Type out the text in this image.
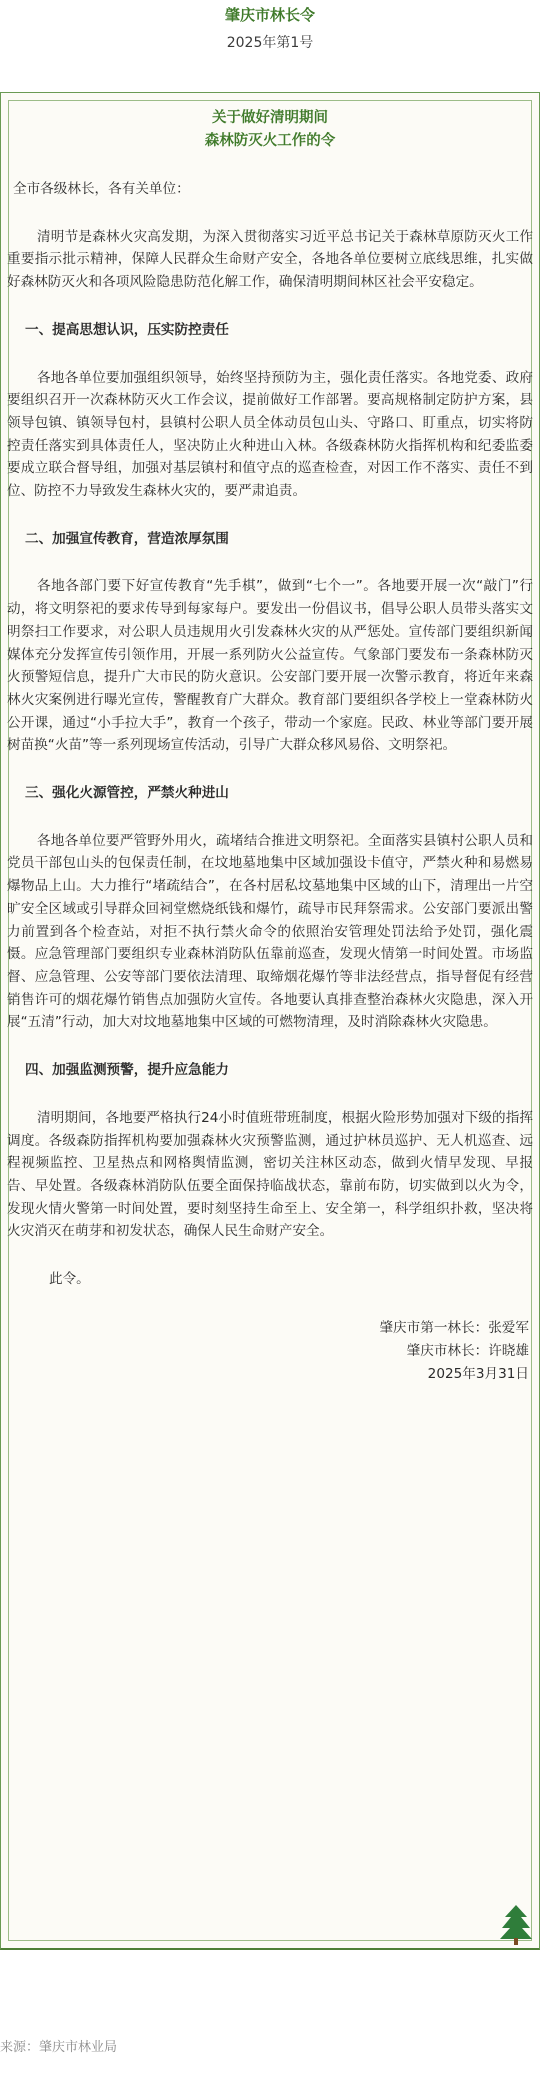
肇庆市林长令
2025年第1号
关于做好清明期间
森林防灭火工作的令
全市各级林长，各有关单位：

清明节是森林火灾高发期，为深入贯彻落实习近平总书记关于森林草原防灭火工作重要指示批示精神，保障人民群众生命财产安全，各地各单位要树立底线思维，扎实做好森林防灭火和各项风险隐患防范化解工作，确保清明期间林区社会平安稳定。

一、提高思想认识，压实防控责任

各地各单位要加强组织领导，始终坚持预防为主，强化责任落实。各地党委、政府要组织召开一次森林防灭火工作会议，提前做好工作部署。要高规格制定防护方案，县领导包镇、镇领导包村，县镇村公职人员全体动员包山头、守路口、盯重点，切实将防控责任落实到具体责任人，坚决防止火种进山入林。各级森林防火指挥机构和纪委监委要成立联合督导组，加强对基层镇村和值守点的巡查检查，对因工作不落实、责任不到位、防控不力导致发生森林火灾的，要严肃追责。

二、加强宣传教育，营造浓厚氛围

各地各部门要下好宣传教育“先手棋”，做到“七个一”。各地要开展一次“敲门”行动，将文明祭祀的要求传导到每家每户。要发出一份倡议书，倡导公职人员带头落实文明祭扫工作要求，对公职人员违规用火引发森林火灾的从严惩处。宣传部门要组织新闻媒体充分发挥宣传引领作用，开展一系列防火公益宣传。气象部门要发布一条森林防灭火预警短信息，提升广大市民的防火意识。公安部门要开展一次警示教育，将近年来森林火灾案例进行曝光宣传，警醒教育广大群众。教育部门要组织各学校上一堂森林防火公开课，通过“小手拉大手”，教育一个孩子，带动一个家庭。民政、林业等部门要开展树苗换“火苗”等一系列现场宣传活动，引导广大群众移风易俗、文明祭祀。

三、强化火源管控，严禁火种进山

各地各单位要严管野外用火，疏堵结合推进文明祭祀。全面落实县镇村公职人员和党员干部包山头的包保责任制，在坟地墓地集中区域加强设卡值守，严禁火种和易燃易爆物品上山。大力推行“堵疏结合”，在各村居私坟墓地集中区域的山下，清理出一片空旷安全区域或引导群众回祠堂燃烧纸钱和爆竹，疏导市民拜祭需求。公安部门要派出警力前置到各个检查站，对拒不执行禁火命令的依照治安管理处罚法给予处罚，强化震慑。应急管理部门要组织专业森林消防队伍靠前巡查，发现火情第一时间处置。市场监督、应急管理、公安等部门要依法清理、取缔烟花爆竹等非法经营点，指导督促有经营销售许可的烟花爆竹销售点加强防火宣传。各地要认真排查整治森林火灾隐患，深入开展“五清”行动，加大对坟地墓地集中区域的可燃物清理，及时消除森林火灾隐患。

四、加强监测预警，提升应急能力

清明期间，各地要严格执行24小时值班带班制度，根据火险形势加强对下级的指挥调度。各级森防指挥机构要加强森林火灾预警监测，通过护林员巡护、无人机巡查、远程视频监控、卫星热点和网格舆情监测，密切关注林区动态，做到火情早发现、早报告、早处置。各级森林消防队伍要全面保持临战状态，靠前布防，切实做到以火为令，发现火情火警第一时间处置，要时刻坚持生命至上、安全第一，科学组织扑救，坚决将火灾消灭在萌芽和初发状态，确保人民生命财产安全。

此令。
肇庆市第一林长：张爱军
肇庆市林长：许晓雄
2025年3月31日
来源：肇庆市林业局
